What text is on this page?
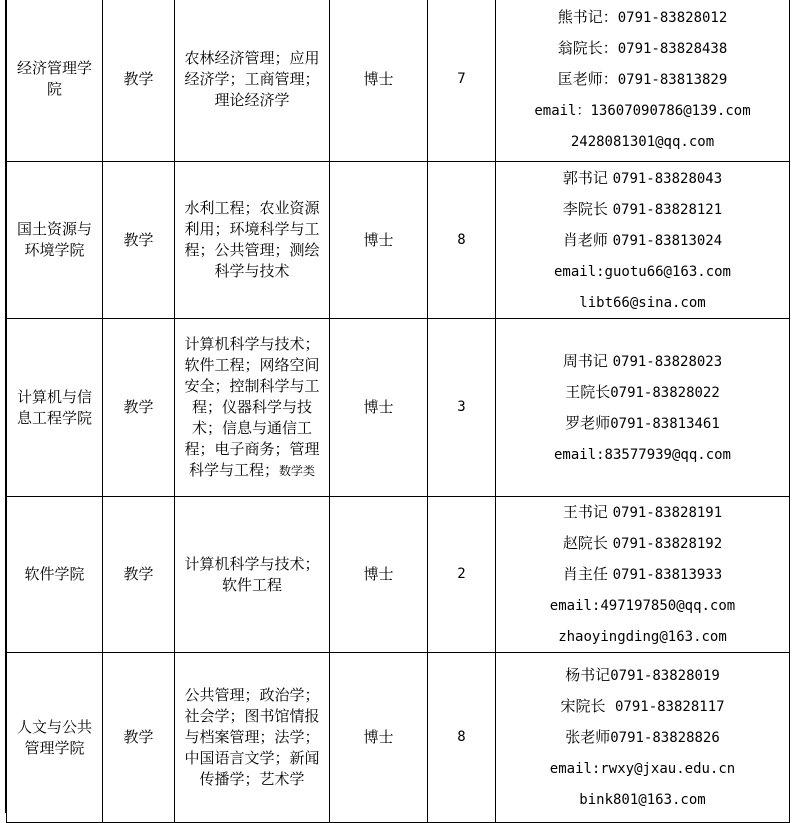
经济管理学院	教学	农林经济管理；应用经济学；工商管理；理论经济学	博士	7	熊书记：0791-83828012
翁院长：0791-83828438
匡老师：0791-83813829
email：13607090786@139.com
2428081301@qq.com

国土资源与环境学院	教学	水利工程；农业资源利用；环境科学与工程；公共管理；测绘科学与技术	博士	8	郭书记 0791-83828043
李院长 0791-83828121
肖老师 0791-83813024
email:guotu66@163.com
libt66@sina.com

计算机与信息工程学院	教学	计算机科学与技术；软件工程；网络空间安全；控制科学与工程；仪器科学与技术；信息与通信工程；电子商务；管理科学与工程；数学类	博士	3	周书记 0791-83828023
王院长0791-83828022
罗老师0791-83813461
email:83577939@qq.com

软件学院	教学	计算机科学与技术；软件工程	博士	2	王书记 0791-83828191
赵院长 0791-83828192
肖主任 0791-83813933
email:497197850@qq.com
zhaoyingding@163.com

人文与公共管理学院	教学	公共管理；政治学；社会学；图书馆情报与档案管理；法学；中国语言文学；新闻传播学；艺术学	博士	8	杨书记0791-83828019
宋院长  0791-83828117
张老师0791-83828826
email:rwxy@jxau.edu.cn
bink801@163.com
